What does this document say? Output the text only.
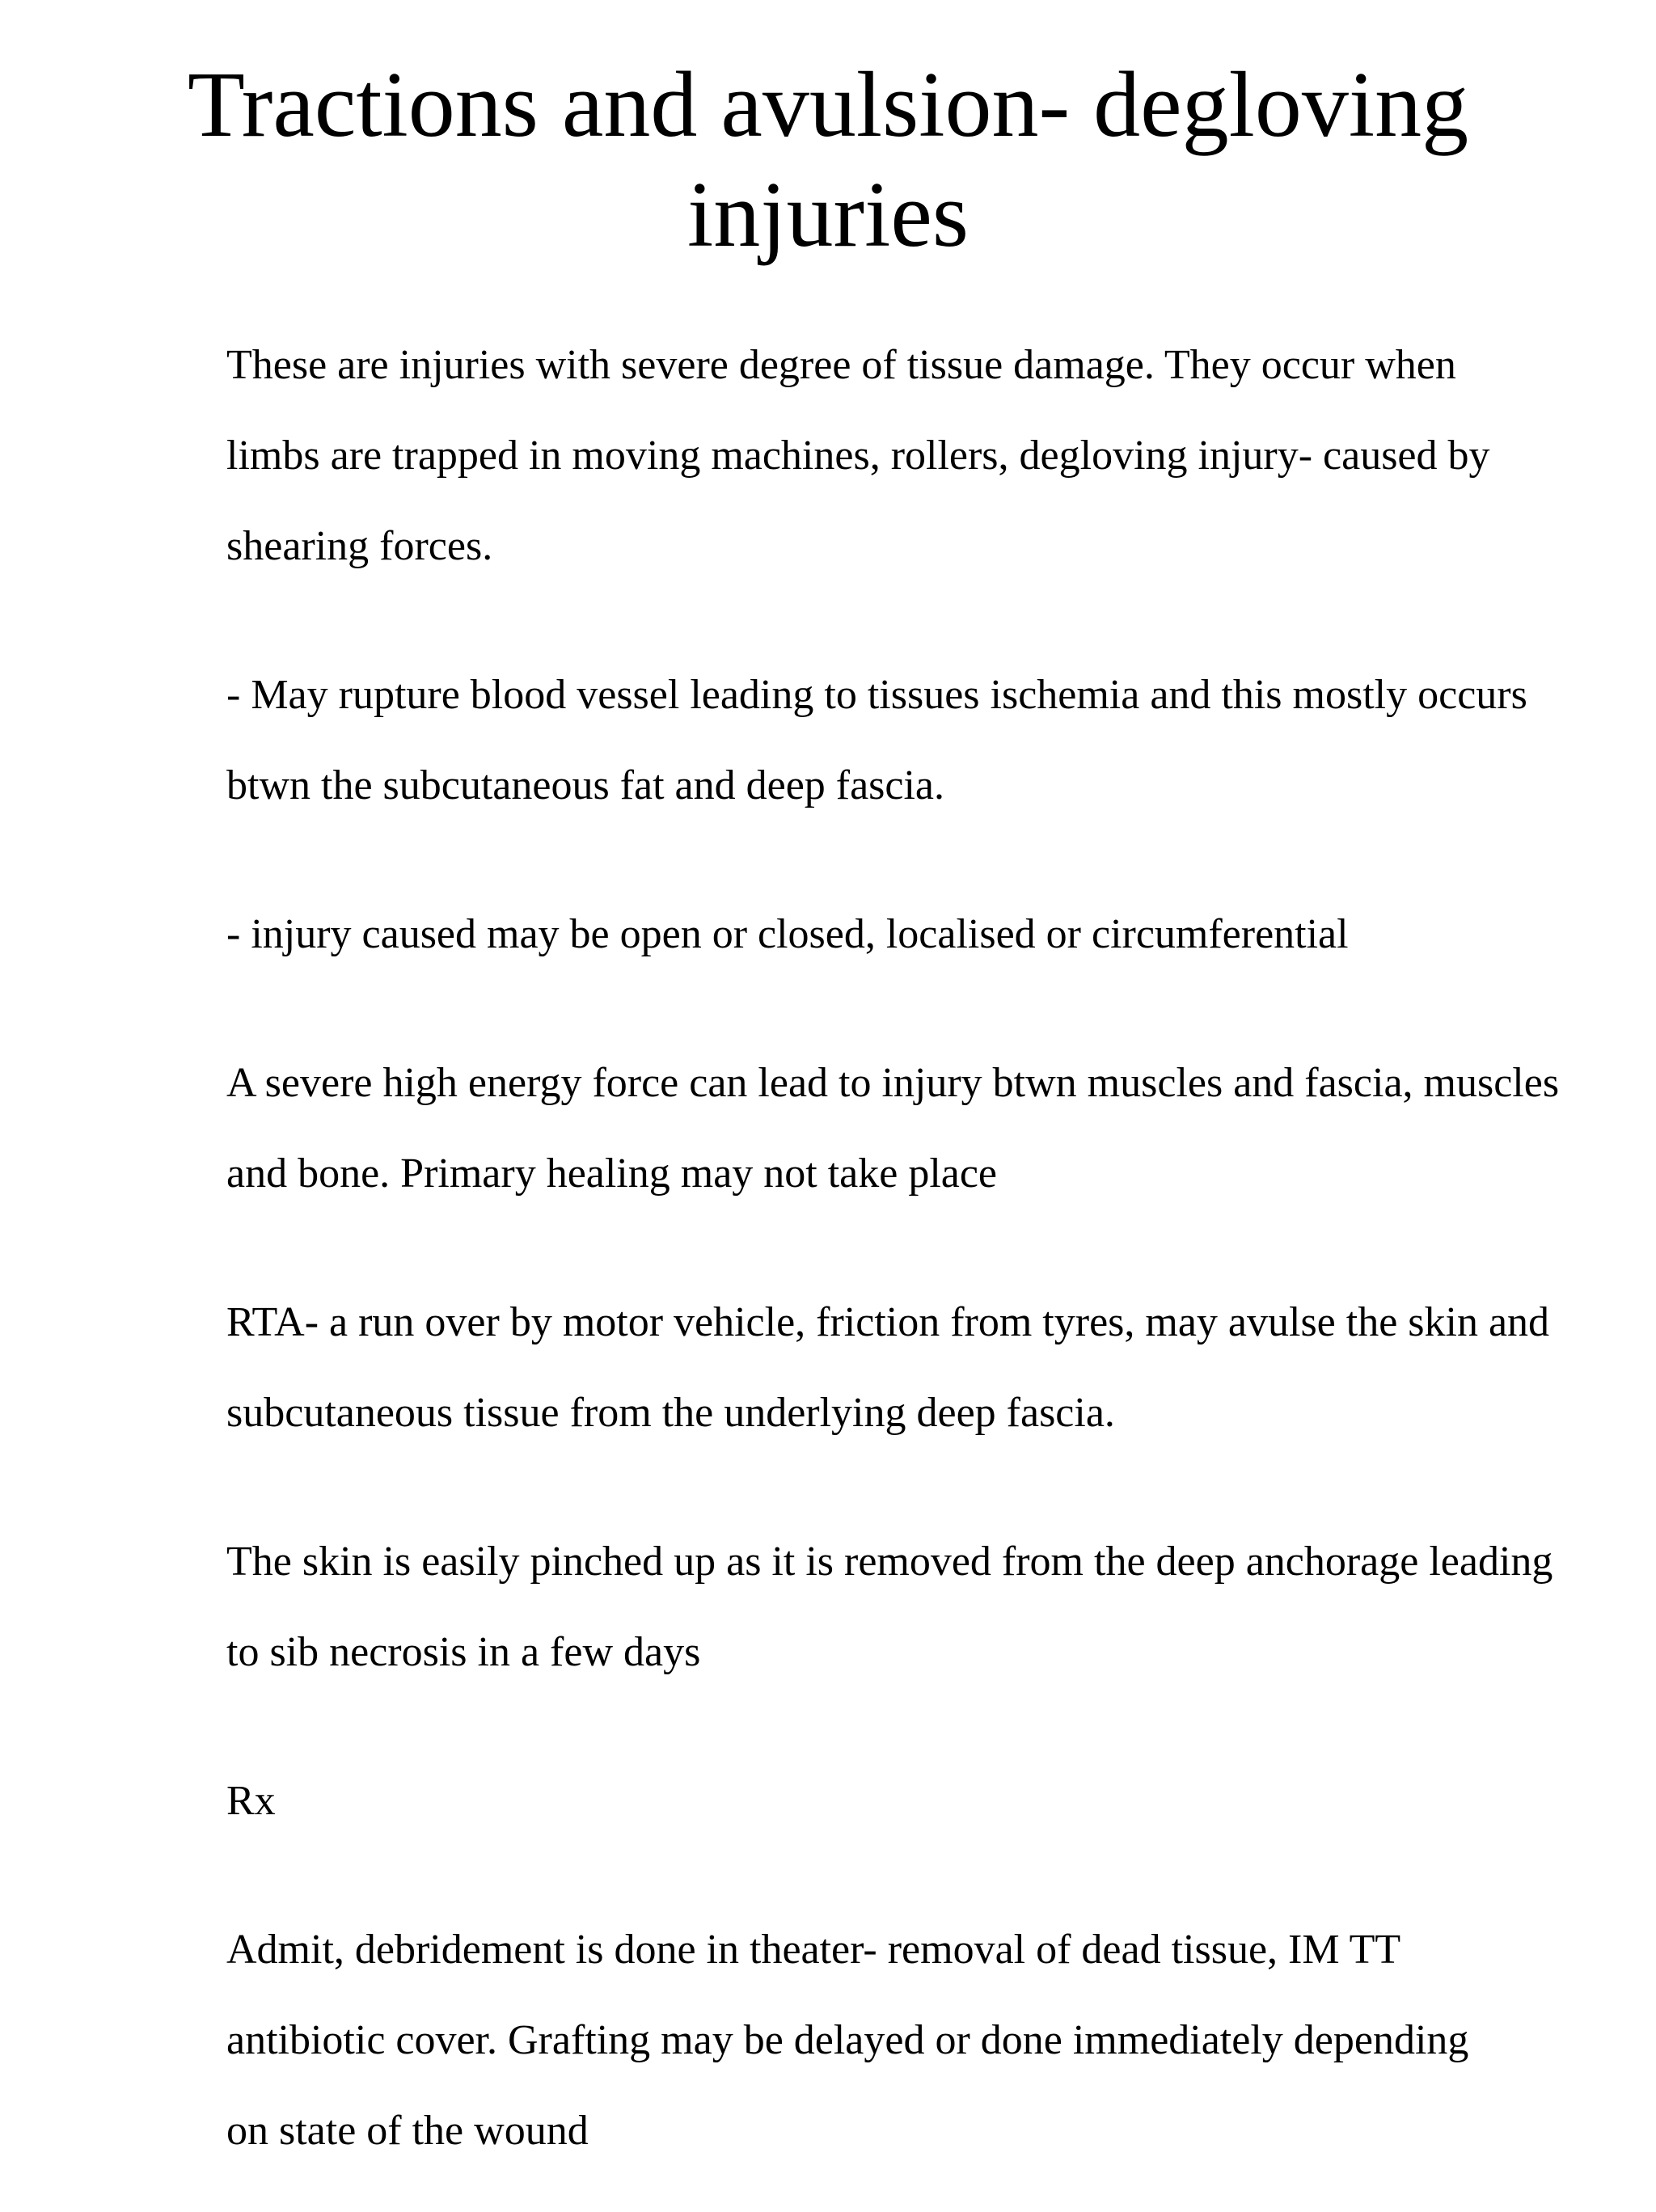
Tractions and avulsion- degloving
injuries

These are injuries with severe degree of tissue damage. They occur when

limbs are trapped in moving machines, rollers, degloving injury- caused by

shearing forces.

- May rupture blood vessel leading to tissues ischemia and this mostly occurs

btwn the subcutaneous fat and deep fascia.

- injury caused may be open or closed, localised or circumferential

A severe high energy force can lead to injury btwn muscles and fascia, muscles

and bone. Primary healing may not take place

RTA- a run over by motor vehicle, friction from tyres, may avulse the skin and

subcutaneous tissue from the underlying deep fascia.

The skin is easily pinched up as it is removed from the deep anchorage leading

to sib necrosis in a few days

Rx

Admit, debridement is done in theater- removal of dead tissue, IM TT

antibiotic cover. Grafting may be delayed or done immediately depending

on state of the wound
